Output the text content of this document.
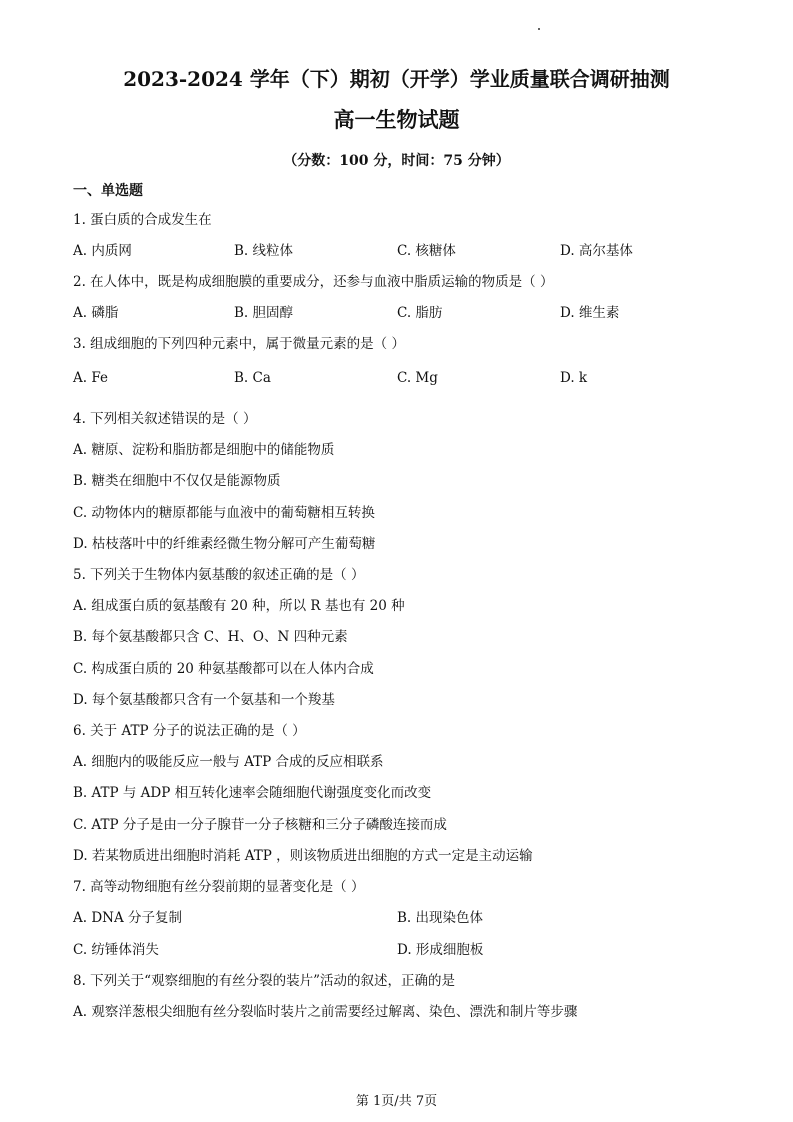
2023-2024 学年（下）期初（开学）学业质量联合调研抽测
高一生物试题
（分数：100 分，时间：75 分钟）
一、单选题
1. 蛋白质的合成发生在
A. 内质网	B. 线粒体	C. 核糖体	D. 高尔基体
2. 在人体中，既是构成细胞膜的重要成分，还参与血液中脂质运输的物质是（ ）
A. 磷脂	B. 胆固醇	C. 脂肪	D. 维生素
3. 组成细胞的下列四种元素中，属于微量元素的是（ ）
A. Fe	B. Ca	C. Mg	D. k
4. 下列相关叙述错误的是（ ）
A. 糖原、淀粉和脂肪都是细胞中的储能物质
B. 糖类在细胞中不仅仅是能源物质
C. 动物体内的糖原都能与血液中的葡萄糖相互转换
D. 枯枝落叶中的纤维素经微生物分解可产生葡萄糖
5. 下列关于生物体内氨基酸的叙述正确的是（ ）
A. 组成蛋白质的氨基酸有 20 种，所以 R 基也有 20 种
B. 每个氨基酸都只含 C、H、O、N 四种元素
C. 构成蛋白质的 20 种氨基酸都可以在人体内合成
D. 每个氨基酸都只含有一个氨基和一个羧基
6. 关于 ATP 分子的说法正确的是（ ）
A. 细胞内的吸能反应一般与 ATP 合成的反应相联系
B. ATP 与 ADP 相互转化速率会随细胞代谢强度变化而改变
C. ATP 分子是由一分子腺苷一分子核糖和三分子磷酸连接而成
D. 若某物质进出细胞时消耗 ATP ，则该物质进出细胞的方式一定是主动运输
7. 高等动物细胞有丝分裂前期的显著变化是（ ）
A. DNA 分子复制	B. 出现染色体
C. 纺锤体消失	D. 形成细胞板
8. 下列关于“观察细胞的有丝分裂的装片”活动的叙述，正确的是
A. 观察洋葱根尖细胞有丝分裂临时装片之前需要经过解离、染色、漂洗和制片等步骤
第 1页/共 7页
